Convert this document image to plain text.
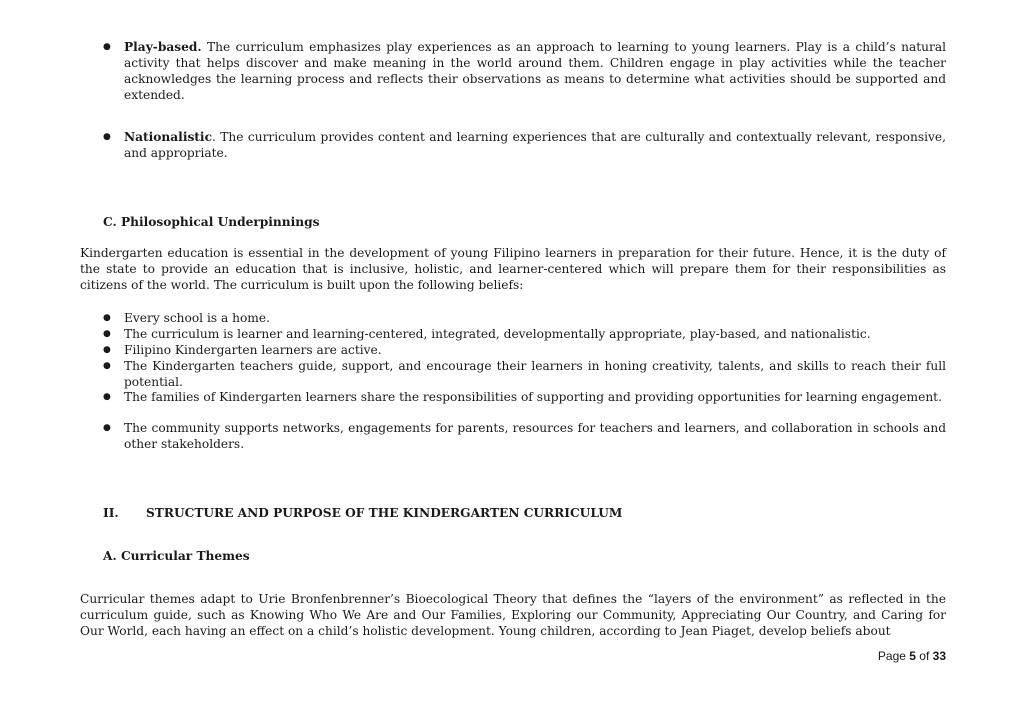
● Play-based. The curriculum emphasizes play experiences as an approach to learning to young learners. Play is a child’s natural activity that helps discover and make meaning in the world around them. Children engage in play activities while the teacher acknowledges the learning process and reflects their observations as means to determine what activities should be supported and extended.
● Nationalistic. The curriculum provides content and learning experiences that are culturally and contextually relevant, responsive, and appropriate.
C. Philosophical Underpinnings
Kindergarten education is essential in the development of young Filipino learners in preparation for their future. Hence, it is the duty of the state to provide an education that is inclusive, holistic, and learner-centered which will prepare them for their responsibilities as citizens of the world. The curriculum is built upon the following beliefs:
● Every school is a home.
● The curriculum is learner and learning-centered, integrated, developmentally appropriate, play-based, and nationalistic.
● Filipino Kindergarten learners are active.
● The Kindergarten teachers guide, support, and encourage their learners in honing creativity, talents, and skills to reach their full potential.
● The families of Kindergarten learners share the responsibilities of supporting and providing opportunities for learning engagement.
● The community supports networks, engagements for parents, resources for teachers and learners, and collaboration in schools and other stakeholders.
II. STRUCTURE AND PURPOSE OF THE KINDERGARTEN CURRICULUM
A. Curricular Themes
Curricular themes adapt to Urie Bronfenbrenner’s Bioecological Theory that defines the “layers of the environment” as reflected in the curriculum guide, such as Knowing Who We Are and Our Families, Exploring our Community, Appreciating Our Country, and Caring for Our World, each having an effect on a child’s holistic development. Young children, according to Jean Piaget, develop beliefs about
Page 5 of 33
